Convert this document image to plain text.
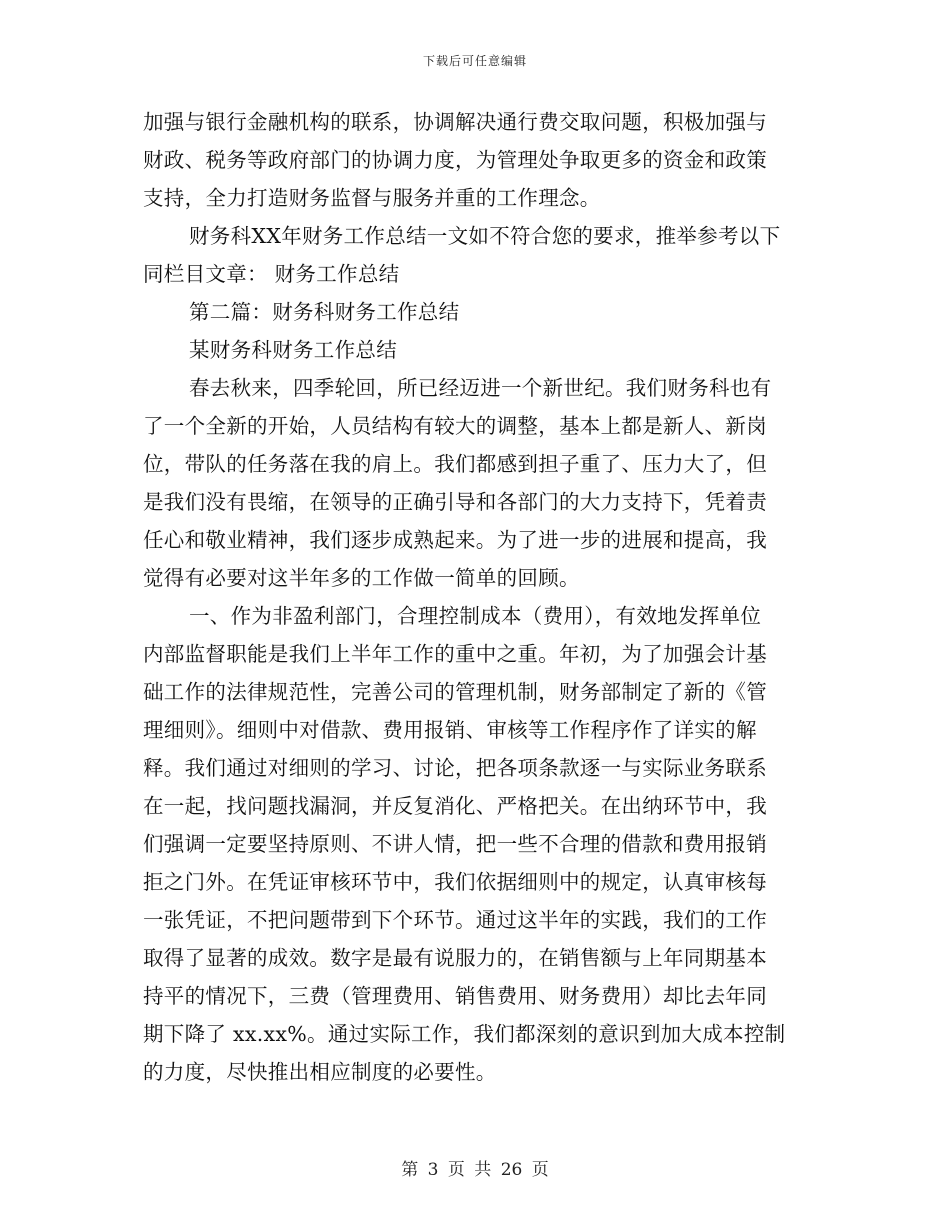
下载后可任意编辑
加强与银行金融机构的联系，协调解决通行费交取问题，积极加强与
财政、税务等政府部门的协调力度，为管理处争取更多的资金和政策
支持，全力打造财务监督与服务并重的工作理念。
财务科XX年财务工作总结一文如不符合您的要求，推举参考以下
同栏目文章： 财务工作总结
第二篇：财务科财务工作总结
某财务科财务工作总结
春去秋来，四季轮回，所已经迈进一个新世纪。我们财务科也有
了一个全新的开始，人员结构有较大的调整，基本上都是新人、新岗
位，带队的任务落在我的肩上。我们都感到担子重了、压力大了，但
是我们没有畏缩，在领导的正确引导和各部门的大力支持下，凭着责
任心和敬业精神，我们逐步成熟起来。为了进一步的进展和提高，我
觉得有必要对这半年多的工作做一简单的回顾。
一、作为非盈利部门，合理控制成本（费用），有效地发挥单位
内部监督职能是我们上半年工作的重中之重。年初，为了加强会计基
础工作的法律规范性，完善公司的管理机制，财务部制定了新的《管
理细则》。细则中对借款、费用报销、审核等工作程序作了详实的解
释。我们通过对细则的学习、讨论，把各项条款逐一与实际业务联系
在一起，找问题找漏洞，并反复消化、严格把关。在出纳环节中，我
们强调一定要坚持原则、不讲人情，把一些不合理的借款和费用报销
拒之门外。在凭证审核环节中，我们依据细则中的规定，认真审核每
一张凭证，不把问题带到下个环节。通过这半年的实践，我们的工作
取得了显著的成效。数字是最有说服力的，在销售额与上年同期基本
持平的情况下，三费（管理费用、销售费用、财务费用）却比去年同
期下降了 xx.xx%。通过实际工作，我们都深刻的意识到加大成本控制
的力度，尽快推出相应制度的必要性。
第 3 页 共 26 页
